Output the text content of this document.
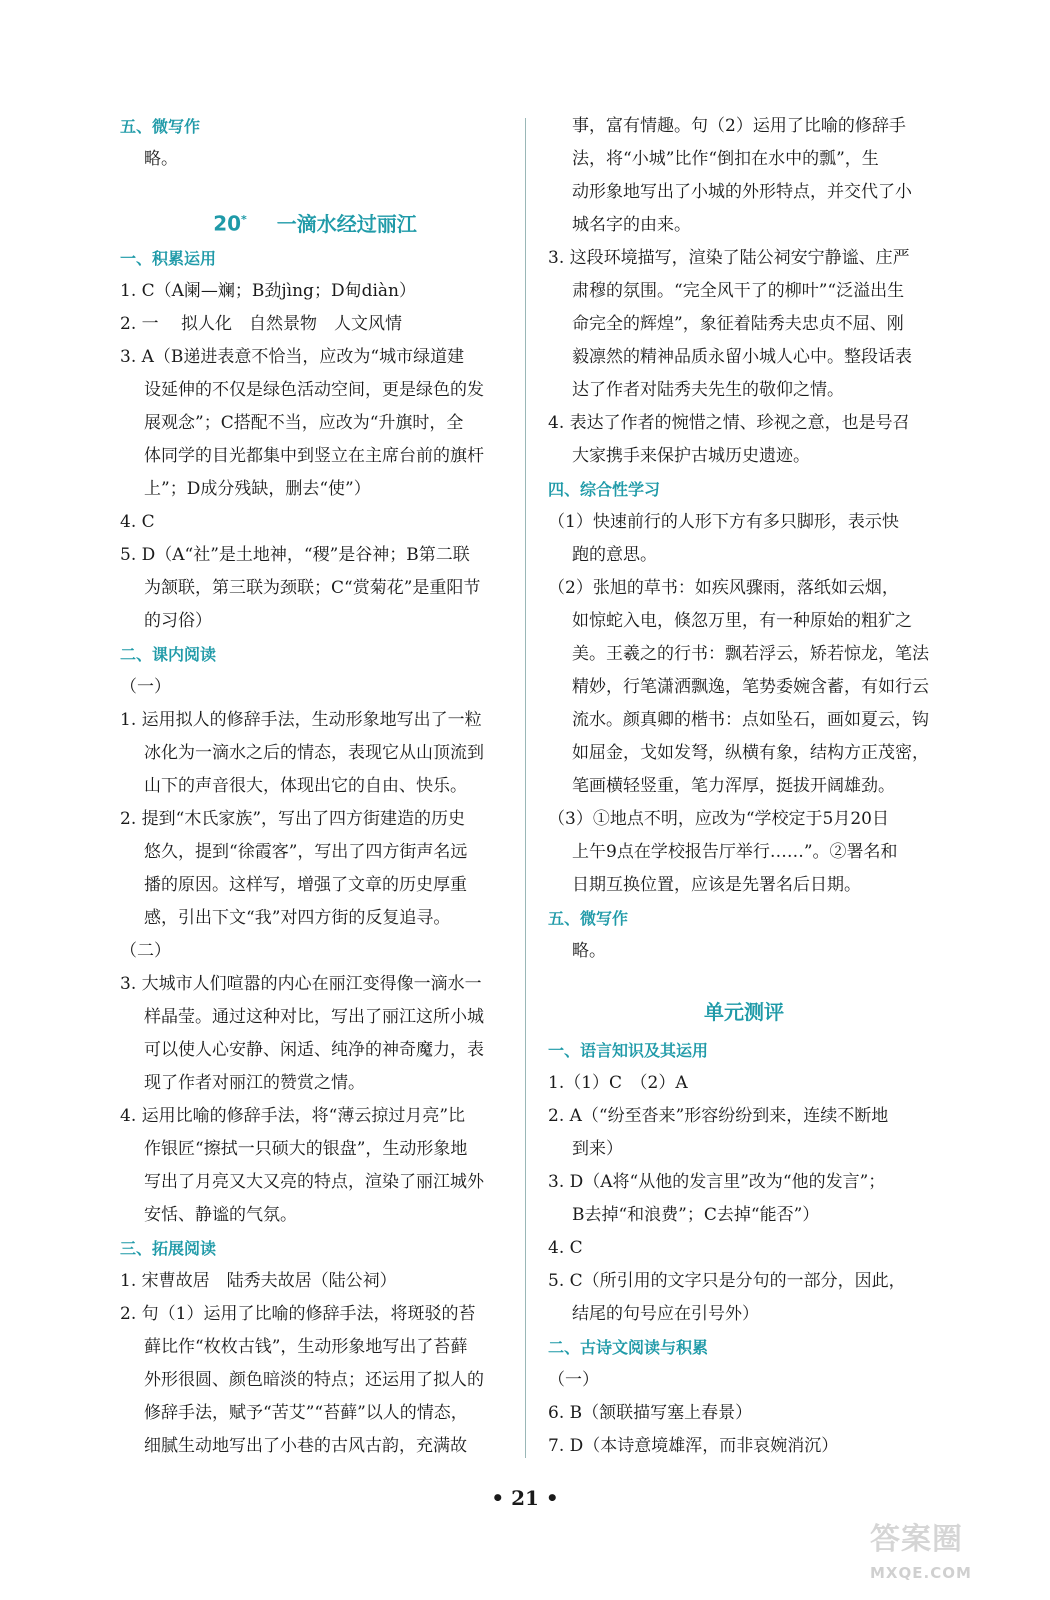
五、微写作
略。
20* 一滴水经过丽江
一、积累运用
1. C（A阑—斓；B劲jìng；D甸diàn）
2. 一　 拟人化　自然景物　人文风情
3. A（B递进表意不恰当，应改为“城市绿道建
设延伸的不仅是绿色活动空间，更是绿色的发
展观念”；C搭配不当，应改为“升旗时，全
体同学的目光都集中到竖立在主席台前的旗杆
上”；D成分残缺，删去“使”）
4. C
5. D（A“社”是土地神，“稷”是谷神；B第二联
为颔联，第三联为颈联；C“赏菊花”是重阳节
的习俗）
二、课内阅读
（一）
1. 运用拟人的修辞手法，生动形象地写出了一粒
冰化为一滴水之后的情态，表现它从山顶流到
山下的声音很大，体现出它的自由、快乐。
2. 提到“木氏家族”，写出了四方街建造的历史
悠久，提到“徐霞客”，写出了四方街声名远
播的原因。这样写，增强了文章的历史厚重
感，引出下文“我”对四方街的反复追寻。
（二）
3. 大城市人们喧嚣的内心在丽江变得像一滴水一
样晶莹。通过这种对比，写出了丽江这所小城
可以使人心安静、闲适、纯净的神奇魔力，表
现了作者对丽江的赞赏之情。
4. 运用比喻的修辞手法，将“薄云掠过月亮”比
作银匠“擦拭一只硕大的银盘”，生动形象地
写出了月亮又大又亮的特点，渲染了丽江城外
安恬、静谧的气氛。
三、拓展阅读
1. 宋曹故居　陆秀夫故居（陆公祠）
2. 句（1）运用了比喻的修辞手法，将斑驳的苔
藓比作“枚枚古钱”，生动形象地写出了苔藓
外形很圆、颜色暗淡的特点；还运用了拟人的
修辞手法，赋予“苦艾”“苔藓”以人的情态，
细腻生动地写出了小巷的古风古韵，充满故
事，富有情趣。句（2）运用了比喻的修辞手
法，将“小城”比作“倒扣在水中的瓢”，生
动形象地写出了小城的外形特点，并交代了小
城名字的由来。
3. 这段环境描写，渲染了陆公祠安宁静谧、庄严
肃穆的氛围。“完全风干了的柳叶”“泛溢出生
命完全的辉煌”，象征着陆秀夫忠贞不屈、刚
毅凛然的精神品质永留小城人心中。整段话表
达了作者对陆秀夫先生的敬仰之情。
4. 表达了作者的惋惜之情、珍视之意，也是号召
大家携手来保护古城历史遗迹。
四、综合性学习
（1）快速前行的人形下方有多只脚形，表示快
跑的意思。
（2）张旭的草书：如疾风骤雨，落纸如云烟，
如惊蛇入电，倏忽万里，有一种原始的粗犷之
美。王羲之的行书：飘若浮云，矫若惊龙，笔法
精妙，行笔潇洒飘逸，笔势委婉含蓄，有如行云
流水。颜真卿的楷书：点如坠石，画如夏云，钩
如屈金，戈如发弩，纵横有象，结构方正茂密，
笔画横轻竖重，笔力浑厚，挺拔开阔雄劲。
（3）①地点不明，应改为“学校定于5月20日
上午9点在学校报告厅举行……”。②署名和
日期互换位置，应该是先署名后日期。
五、微写作
略。
单元测评
一、语言知识及其运用
1.（1）C　（2）A
2. A（“纷至沓来”形容纷纷到来，连续不断地
到来）
3. D（A将“从他的发言里”改为“他的发言”；
B去掉“和浪费”；C去掉“能否”）
4. C
5. C（所引用的文字只是分句的一部分，因此，
结尾的句号应在引号外）
二、古诗文阅读与积累
（一）
6. B（颔联描写塞上春景）
7. D（本诗意境雄浑，而非哀婉消沉）
• 21 •
答案圈
MXQE.COM
